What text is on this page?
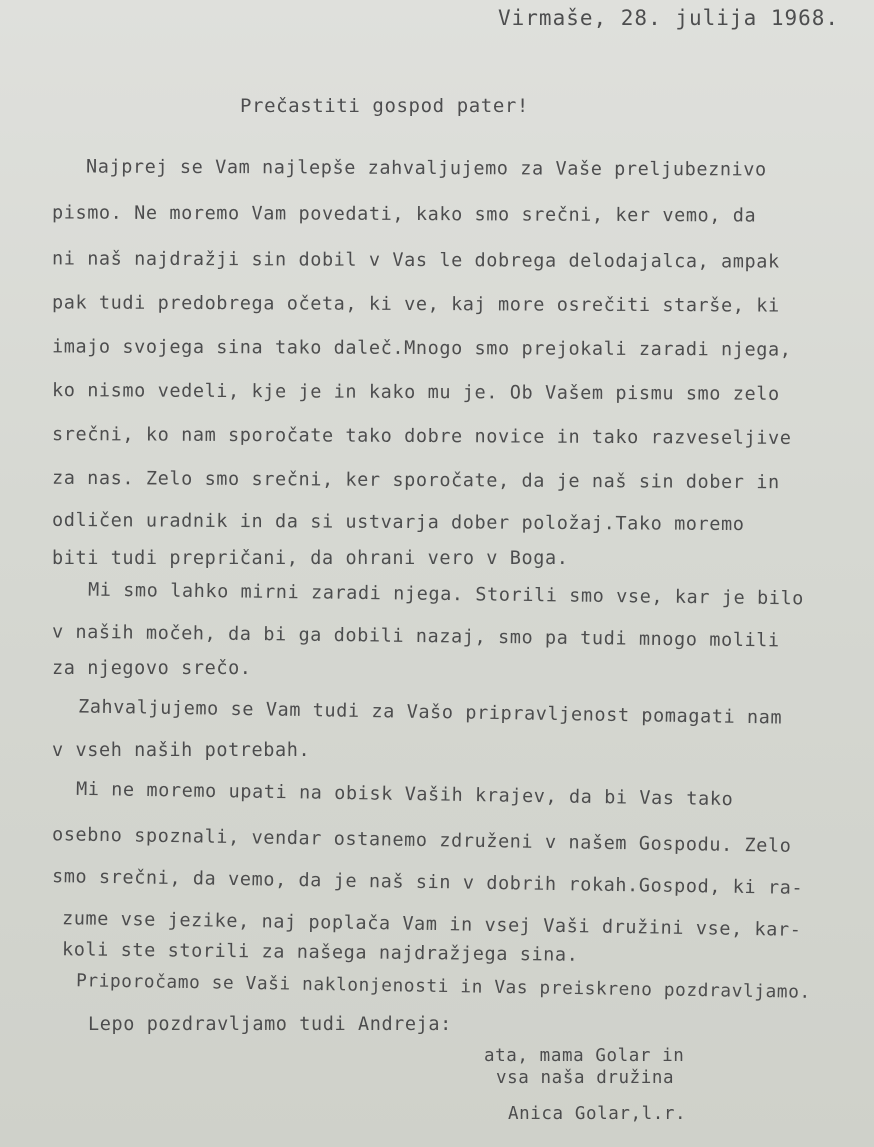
Virmaše, 28. julija 1968.
Prečastiti gospod pater!
Najprej se Vam najlepše zahvaljujemo za Vaše preljubeznivo
pismo. Ne moremo Vam povedati, kako smo srečni, ker vemo, da
ni naš najdražji sin dobil v Vas le dobrega delodajalca, ampak
pak tudi predobrega očeta, ki ve, kaj more osrečiti starše, ki
imajo svojega sina tako daleč.Mnogo smo prejokali zaradi njega,
ko nismo vedeli, kje je in kako mu je. Ob Vašem pismu smo zelo
srečni, ko nam sporočate tako dobre novice in tako razveseljive
za nas. Zelo smo srečni, ker sporočate, da je naš sin dober in
odličen uradnik in da si ustvarja dober položaj.Tako moremo
biti tudi prepričani, da ohrani vero v Boga.
Mi smo lahko mirni zaradi njega. Storili smo vse, kar je bilo
v naših močeh, da bi ga dobili nazaj, smo pa tudi mnogo molili
za njegovo srečo.
Zahvaljujemo se Vam tudi za Vašo pripravljenost pomagati nam
v vseh naših potrebah.
Mi ne moremo upati na obisk Vaših krajev, da bi Vas tako
osebno spoznali, vendar ostanemo združeni v našem Gospodu. Zelo
smo srečni, da vemo, da je naš sin v dobrih rokah.Gospod, ki ra-
zume vse jezike, naj poplača Vam in vsej Vaši družini vse, kar-
koli ste storili za našega najdražjega sina.
Priporočamo se Vaši naklonjenosti in Vas preiskreno pozdravljamo.
Lepo pozdravljamo tudi Andreja:
ata, mama Golar in
vsa naša družina
Anica Golar,l.r.
